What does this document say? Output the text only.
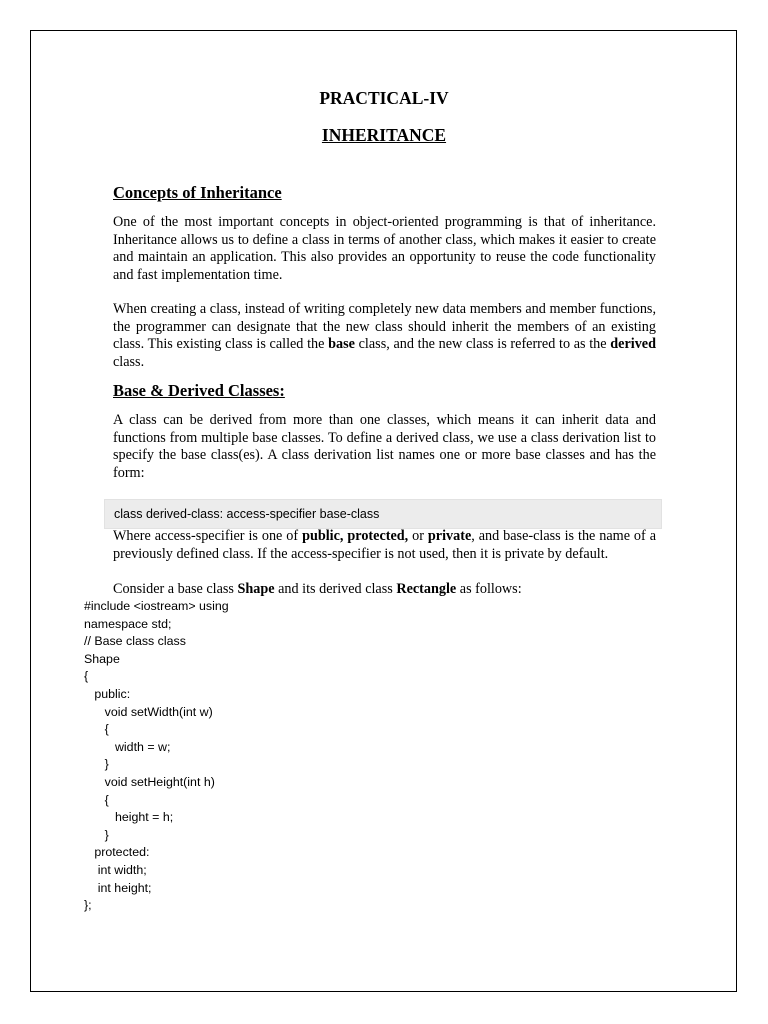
PRACTICAL-IV
INHERITANCE
Concepts of Inheritance

One of the most important concepts in object-oriented programming is that of inheritance. Inheritance allows us to define a class in terms of another class, which makes it easier to create and maintain an application. This also provides an opportunity to reuse the code functionality and fast implementation time.

When creating a class, instead of writing completely new data members and member functions, the programmer can designate that the new class should inherit the members of an existing class. This existing class is called the base class, and the new class is referred to as the derived class.

Base & Derived Classes:

A class can be derived from more than one classes, which means it can inherit data and functions from multiple base classes. To define a derived class, we use a class derivation list to specify the base class(es). A class derivation list names one or more base classes and has the form:

class derived-class: access-specifier base-class

Where access-specifier is one of public, protected, or private, and base-class is the name of a previously defined class. If the access-specifier is not used, then it is private by default.

Consider a base class Shape and its derived class Rectangle as follows:

#include <iostream> using
namespace std;
// Base class class
Shape
{
public:
void setWidth(int w)
{
width = w;
}
void setHeight(int h)
{
height = h;
}
protected:
int width;
int height;
};
